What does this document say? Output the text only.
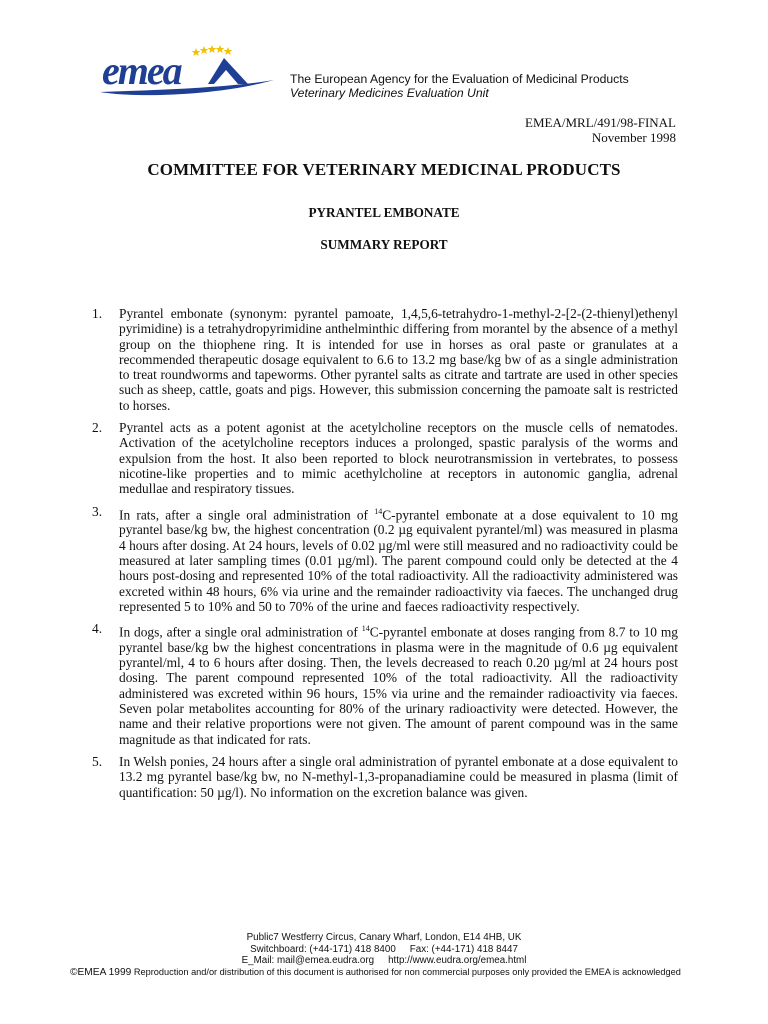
emea	The European Agency for the Evaluation of Medicinal Products
Veterinary Medicines Evaluation Unit
EMEA/MRL/491/98-FINAL
November 1998
COMMITTEE FOR VETERINARY MEDICINAL PRODUCTS
PYRANTEL EMBONATE
SUMMARY REPORT
1.	Pyrantel embonate (synonym: pyrantel pamoate, 1,4,5,6-tetrahydro-1-methyl-2-[2-(2-thienyl)ethenyl pyrimidine) is a tetrahydropyrimidine anthelminthic differing from morantel by the absence of a methyl group on the thiophene ring. It is intended for use in horses as oral paste or granulates at a recommended therapeutic dosage equivalent to 6.6 to 13.2 mg base/kg bw of as a single administration to treat roundworms and tapeworms. Other pyrantel salts as citrate and tartrate are used in other species such as sheep, cattle, goats and pigs. However, this submission concerning the pamoate salt is restricted to horses.
2.	Pyrantel acts as a potent agonist at the acetylcholine receptors on the muscle cells of nematodes. Activation of the acetylcholine receptors induces a prolonged, spastic paralysis of the worms and expulsion from the host. It also been reported to block neurotransmission in vertebrates, to possess nicotine-like properties and to mimic acethylcholine at receptors in autonomic ganglia, adrenal medullae and respiratory tissues.
3.	In rats, after a single oral administration of $^{14}$C-pyrantel embonate at a dose equivalent to 10 mg pyrantel base/kg bw, the highest concentration (0.2 µg equivalent pyrantel/ml) was measured in plasma 4 hours after dosing. At 24 hours, levels of 0.02 µg/ml were still measured and no radioactivity could be measured at later sampling times (0.01 µg/ml). The parent compound could only be detected at the 4 hours post-dosing and represented 10% of the total radioactivity. All the radioactivity administered was excreted within 48 hours, 6% via urine and the remainder radioactivity via faeces. The unchanged drug represented 5 to 10% and 50 to 70% of the urine and faeces radioactivity respectively.
4.	In dogs, after a single oral administration of $^{14}$C-pyrantel embonate at doses ranging from 8.7 to 10 mg pyrantel base/kg bw the highest concentrations in plasma were in the magnitude of 0.6 µg equivalent pyrantel/ml, 4 to 6 hours after dosing. Then, the levels decreased to reach 0.20 µg/ml at 24 hours post dosing. The parent compound represented 10% of the total radioactivity. All the radioactivity administered was excreted within 96 hours, 15% via urine and the remainder radioactivity via faeces. Seven polar metabolites accounting for 80% of the urinary radioactivity were detected. However, the name and their relative proportions were not given. The amount of parent compound was in the same magnitude as that indicated for rats.
5.	In Welsh ponies, 24 hours after a single oral administration of pyrantel embonate at a dose equivalent to 13.2 mg pyrantel base/kg bw, no N-methyl-1,3-propanadiamine could be measured in plasma (limit of quantification: 50 µg/l). No information on the excretion balance was given.
Public7 Westferry Circus, Canary Wharf, London, E14 4HB, UK
Switchboard: (+44-171) 418 8400 Fax: (+44-171) 418 8447
E_Mail: mail@emea.eudra.org http://www.eudra.org/emea.html
©EMEA 1999 Reproduction and/or distribution of this document is authorised for non commercial purposes only provided the EMEA is acknowledged
